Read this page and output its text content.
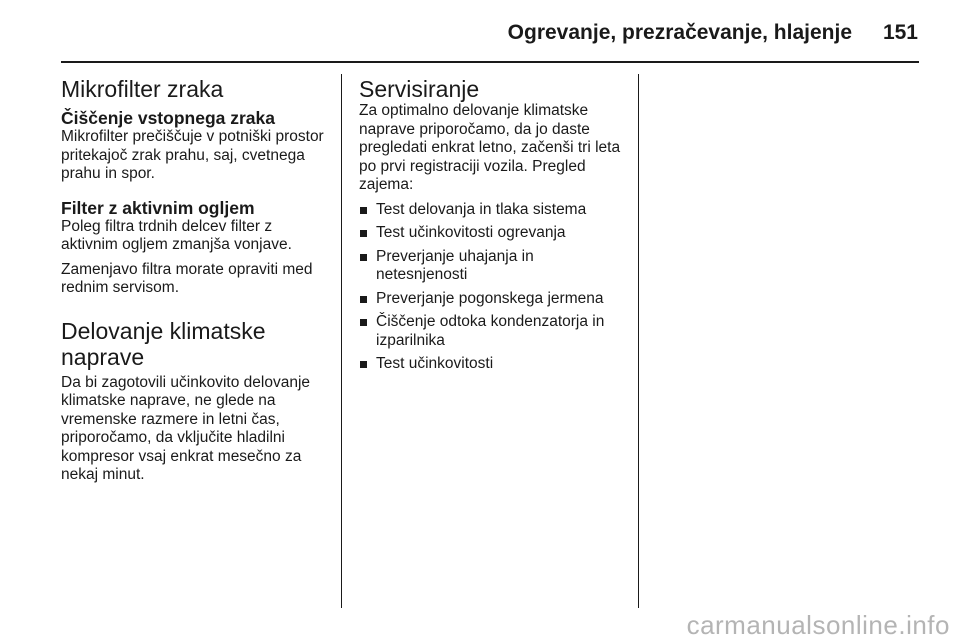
Ogrevanje, prezračevanje, hlajenje	151
Mikrofilter zraka
Čiščenje vstopnega zraka

Mikrofilter prečiščuje v potniški prostor pritekajoč zrak prahu, saj, cvetnega prahu in spor.

Filter z aktivnim ogljem

Poleg filtra trdnih delcev filter z aktivnim ogljem zmanjša vonjave.

Zamenjavo filtra morate opraviti med rednim servisom.

Delovanje klimatske naprave

Da bi zagotovili učinkovito delovanje klimatske naprave, ne glede na vremenske razmere in letni čas, priporočamo, da vključite hladilni kompresor vsaj enkrat mesečno za nekaj minut.

Servisiranje

Za optimalno delovanje klimatske naprave priporočamo, da jo daste pregledati enkrat letno, začenši tri leta po prvi registraciji vozila. Pregled zajema:

Test delovanja in tlaka sistema
Test učinkovitosti ogrevanja
Preverjanje uhajanja in netesnjenosti
Preverjanje pogonskega jermena
Čiščenje odtoka kondenzatorja in izparilnika
Test učinkovitosti
carmanualsonline.info
